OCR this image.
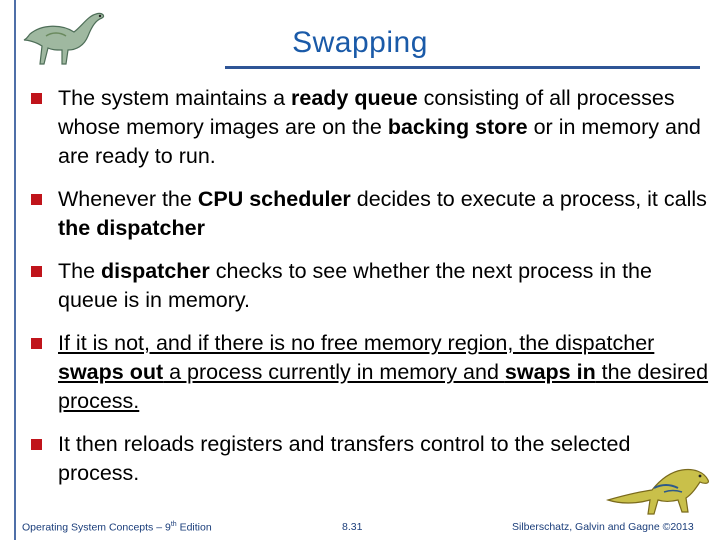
Swapping
The system maintains a ready queue consisting of all processes whose memory images are on the backing store or in memory and are ready to run.
Whenever the CPU scheduler decides to execute a process, it calls the dispatcher
The dispatcher checks to see whether the next process in the queue is in memory.
If it is not, and if there is no free memory region, the dispatcher swaps out a process currently in memory and swaps in the desired process.
It then reloads registers and transfers control to the selected process.
Operating System Concepts – 9th Edition	8.31	Silberschatz, Galvin and Gagne ©2013
